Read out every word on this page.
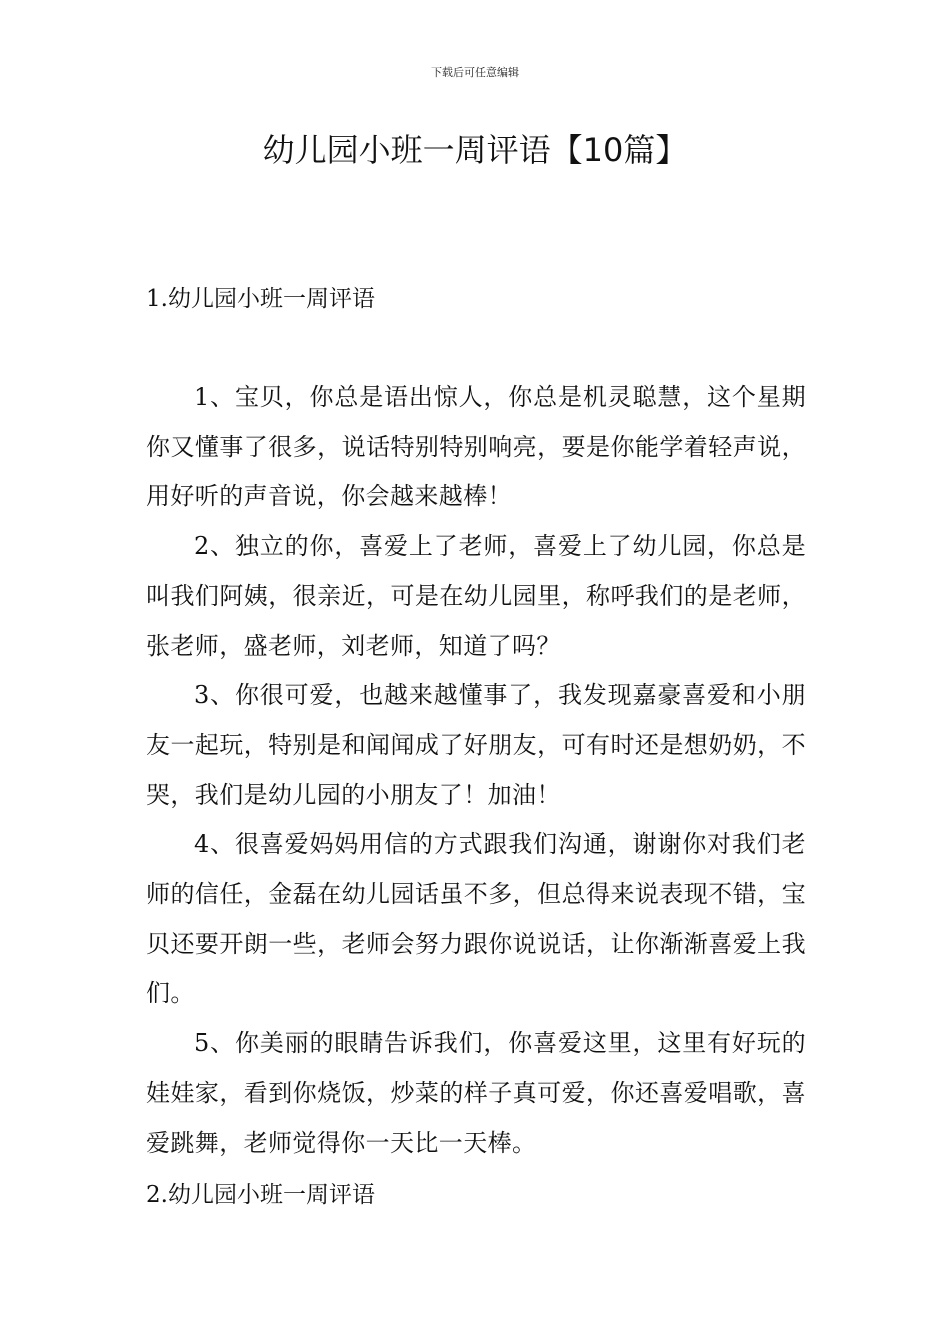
下载后可任意编辑
幼儿园小班一周评语【10篇】
1.幼儿园小班一周评语

1、宝贝，你总是语出惊人，你总是机灵聪慧，这个星期你又懂事了很多，说话特别特别响亮，要是你能学着轻声说，用好听的声音说，你会越来越棒！

2、独立的你，喜爱上了老师，喜爱上了幼儿园，你总是叫我们阿姨，很亲近，可是在幼儿园里，称呼我们的是老师，张老师，盛老师，刘老师，知道了吗？

3、你很可爱，也越来越懂事了，我发现嘉豪喜爱和小朋友一起玩，特别是和闻闻成了好朋友，可有时还是想奶奶，不哭，我们是幼儿园的小朋友了！加油！

4、很喜爱妈妈用信的方式跟我们沟通，谢谢你对我们老师的信任，金磊在幼儿园话虽不多，但总得来说表现不错，宝贝还要开朗一些，老师会努力跟你说说话，让你渐渐喜爱上我们。

5、你美丽的眼睛告诉我们，你喜爱这里，这里有好玩的娃娃家，看到你烧饭，炒菜的样子真可爱，你还喜爱唱歌，喜爱跳舞，老师觉得你一天比一天棒。

2.幼儿园小班一周评语
